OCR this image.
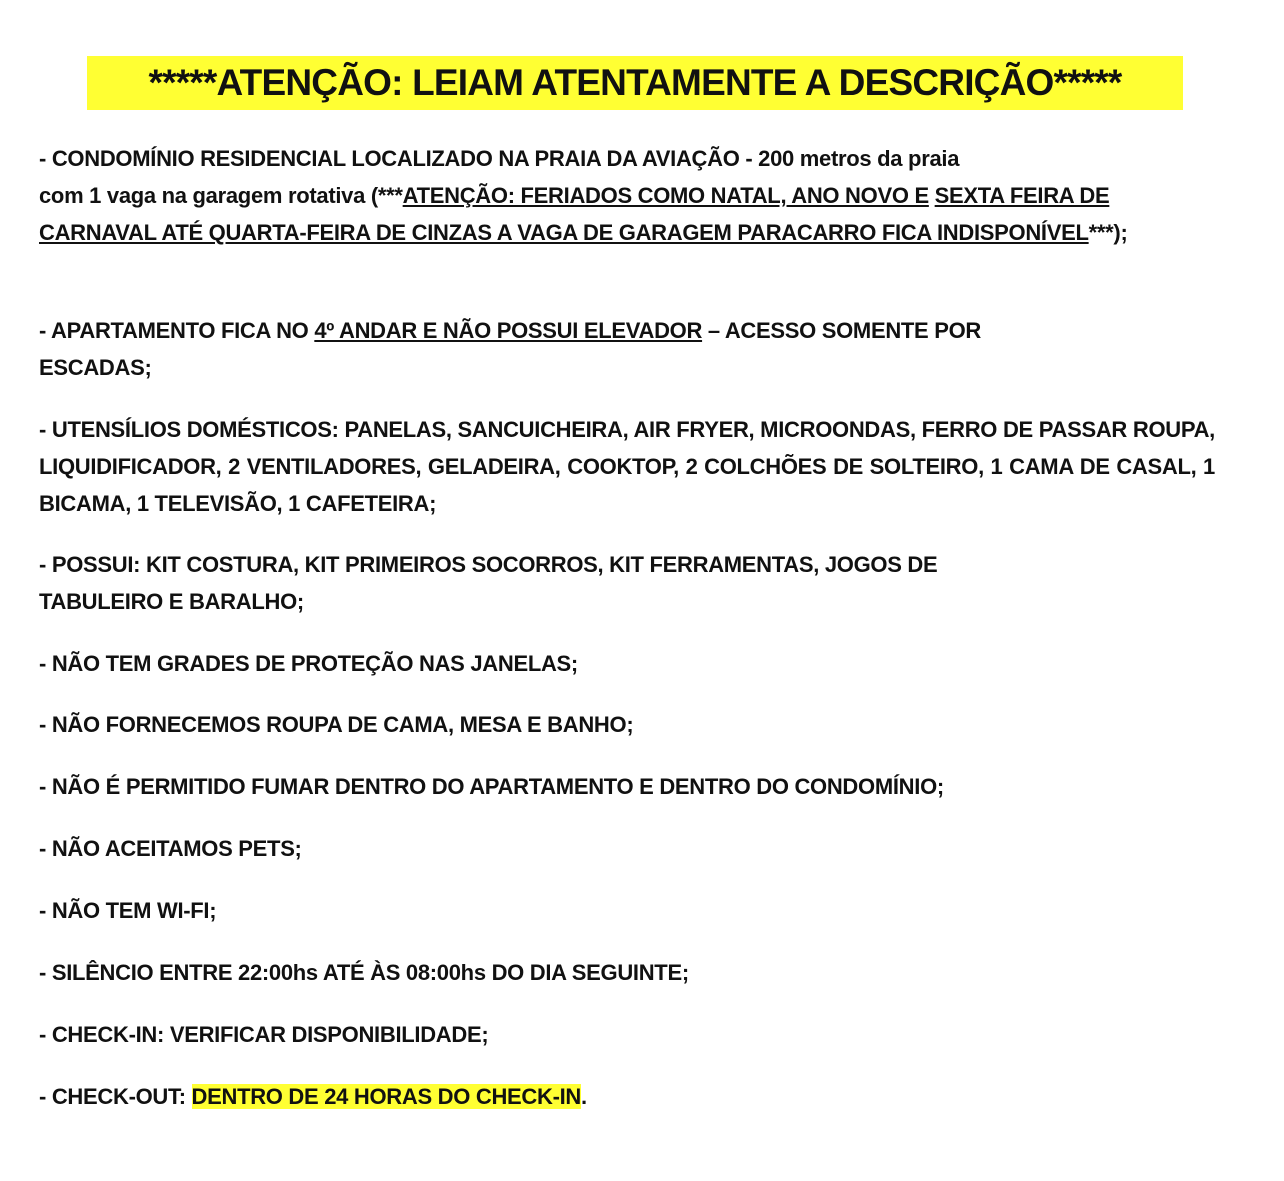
*****ATENÇÃO: LEIAM ATENTAMENTE A DESCRIÇÃO*****

- CONDOMÍNIO RESIDENCIAL LOCALIZADO NA PRAIA DA AVIAÇÃO - 200 metros da praia

com 1 vaga na garagem rotativa (***ATENÇÃO: FERIADOS COMO NATAL, ANO NOVO E SEXTA FEIRA DE CARNAVAL ATÉ QUARTA-FEIRA DE CINZAS A VAGA DE GARAGEM PARACARRO FICA INDISPONÍVEL***);

- APARTAMENTO FICA NO 4º ANDAR E NÃO POSSUI ELEVADOR – ACESSO SOMENTE POR ESCADAS;

- UTENSÍLIOS DOMÉSTICOS: PANELAS, SANCUICHEIRA, AIR FRYER, MICROONDAS, FERRO DE PASSAR ROUPA, LIQUIDIFICADOR, 2 VENTILADORES, GELADEIRA, COOKTOP, 2 COLCHÕES DE SOLTEIRO, 1 CAMA DE CASAL, 1 BICAMA, 1 TELEVISÃO, 1 CAFETEIRA;

- POSSUI: KIT COSTURA, KIT PRIMEIROS SOCORROS, KIT FERRAMENTAS, JOGOS DE

TABULEIRO E BARALHO;

- NÃO TEM GRADES DE PROTEÇÃO NAS JANELAS;

- NÃO FORNECEMOS ROUPA DE CAMA, MESA E BANHO;

- NÃO É PERMITIDO FUMAR DENTRO DO APARTAMENTO E DENTRO DO CONDOMÍNIO;

- NÃO ACEITAMOS PETS;

- NÃO TEM WI-FI;

- SILÊNCIO ENTRE 22:00hs ATÉ ÀS 08:00hs DO DIA SEGUINTE;

- CHECK-IN: VERIFICAR DISPONIBILIDADE;

- CHECK-OUT: DENTRO DE 24 HORAS DO CHECK-IN.
